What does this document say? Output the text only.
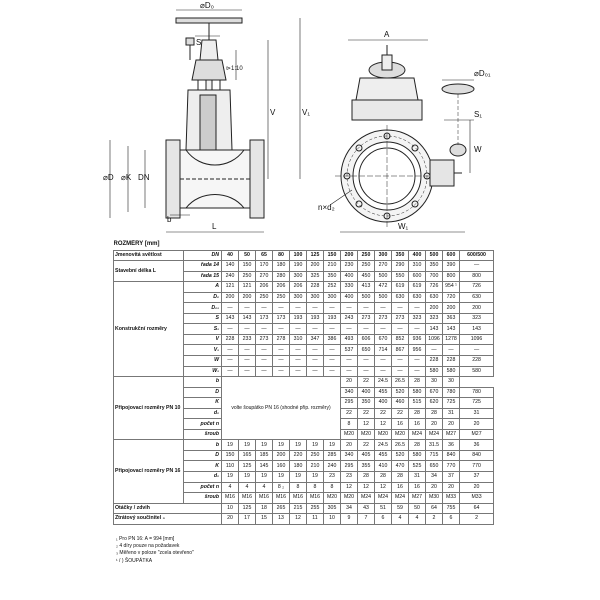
⌀D₀
S
⊳1:10
V	V₁
⌀D ⌀K DN
b
L
A
⌀D₀₁
S₁
W
n×d₂
W₁
ROZMĚRY [mm]																
Jmenovitá světlost	DN	40	50	65	80	100	125	150	200	250	300	350	400	500	600	600/500
Stavební délka L	řada 14	140	150	170	180	190	200	210	230	250	270	290	310	350	390	—
	řada 15	240	250	270	280	300	325	350	400	450	500	550	600	700	800	800
Konstrukční rozměry	A	121	121	206	206	206	228	252	330	413	472	619	619	726	954 ¹	726
	D₀	200	200	250	250	300	300	300	400	500	500	630	630	630	720	630
	D₀₁	—	—	—	—	—	—	—	—	—	—	—	—	200	200	200
	S	143	143	173	173	193	193	193	243	273	273	273	323	323	363	323
	S₁	—	—	—	—	—	—	—	—	—	—	—	—	143	143	143
	V	228	233	273	278	310	347	386	493	606	670	852	936	1096	1278	1096
	V₁	—	—	—	—	—	—	—	537	650	714	867	956	—	—	—
	W	—	—	—	—	—	—	—	—	—	—	—	—	228	228	228
	W₁	—	—	—	—	—	—	—	—	—	—	—	—	580	580	580
Připojovací rozměry PN 10	b	volte šoupátko PN 16 (shodné přip. rozměry)							20	22	24.5	26.5	28	30	30	
	D								340	400	455	520	580	670	780	780
	K								295	350	400	460	515	620	725	725
	d₂								22	22	22	22	28	28	31	31
	počet n								8	12	12	16	16	20	20	20
	šroub								M20	M20	M20	M20	M24	M24	M27	M27
Připojovací rozměry PN 16	b	19	19	19	19	19	19	19	20	22	24.5	26.5	28	31.5	36	36
	D	150	165	185	200	220	250	285	340	405	455	520	580	715	840	840
	K	110	125	145	160	180	210	240	295	355	410	470	525	650	770	770
	d₂	19	19	19	19	19	19	23	23	28	28	28	31	34	37	37
	počet n	4	4	4	8 ₂	8	8	8	12	12	12	16	16	20	20	20
	šroub	M16	M16	M16	M16	M16	M16	M20	M20	M24	M24	M24	M27	M30	M33	M33
Otáčky / zdvih		10	125	18	265	215	255	305	34	43	51	59	50	64	755	64
Ztrátový součinitel ₃		20	17	15	13	12	11	10	9	7	6	4	4	2	6	2
₁ Pro PN 16: A = 994 [mm]
₂ 4 díry pouze na požadavek
₃ Měřeno v poloze "zcela otevřeno"
¹ / ) ŠOUPÁTKA
